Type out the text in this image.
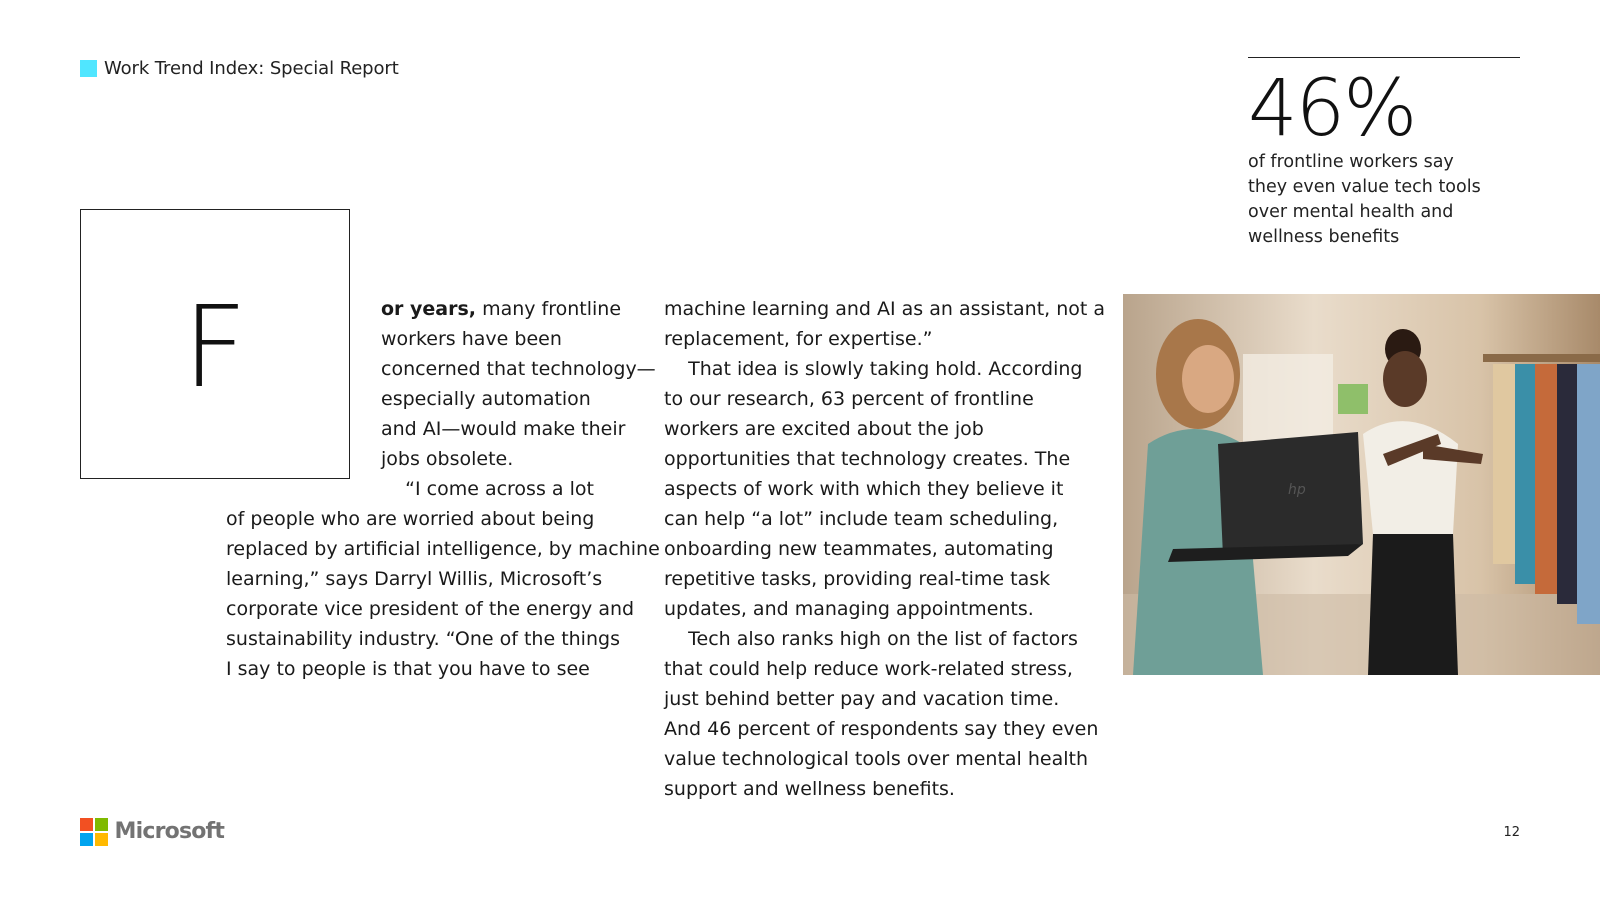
Work Trend Index: Special Report	46%
of frontline workers say
they even value tech tools
over mental health and
wellness benefits
F	or years, many frontline
workers have been
concerned that technology—
especially automation
and AI—would make their
jobs obsolete.
“I come across a lot
of people who are worried about being
replaced by artificial intelligence, by machine
learning,” says Darryl Willis, Microsoft’s
corporate vice president of the energy and
sustainability industry. “One of the things
I say to people is that you have to see
machine learning and AI as an assistant, not a
replacement, for expertise.”
That idea is slowly taking hold. According
to our research, 63 percent of frontline
workers are excited about the job
opportunities that technology creates. The
aspects of work with which they believe it
can help “a lot” include team scheduling,
onboarding new teammates, automating
repetitive tasks, providing real-time task
updates, and managing appointments.
Tech also ranks high on the list of factors
that could help reduce work-related stress,
just behind better pay and vacation time.
And 46 percent of respondents say they even
value technological tools over mental health
support and wellness benefits.
hp
Microsoft	12
